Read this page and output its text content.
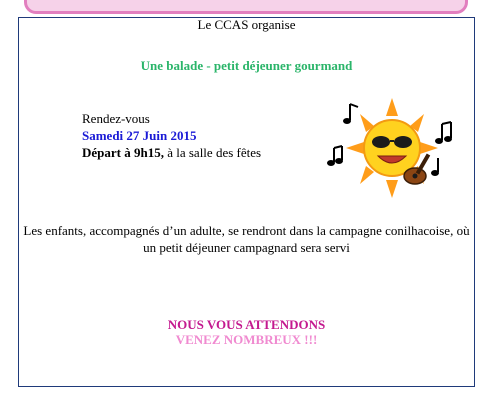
Le CCAS organise
Une balade - petit déjeuner gourmand
Rendez-vous
Samedi 27 Juin 2015
Départ à 9h15, à la salle des fêtes
Les enfants, accompagnés d’un adulte, se rendront dans la campagne conilhacoise, où un petit déjeuner campagnard sera servi
NOUS VOUS ATTENDONS
VENEZ NOMBREUX !!!
